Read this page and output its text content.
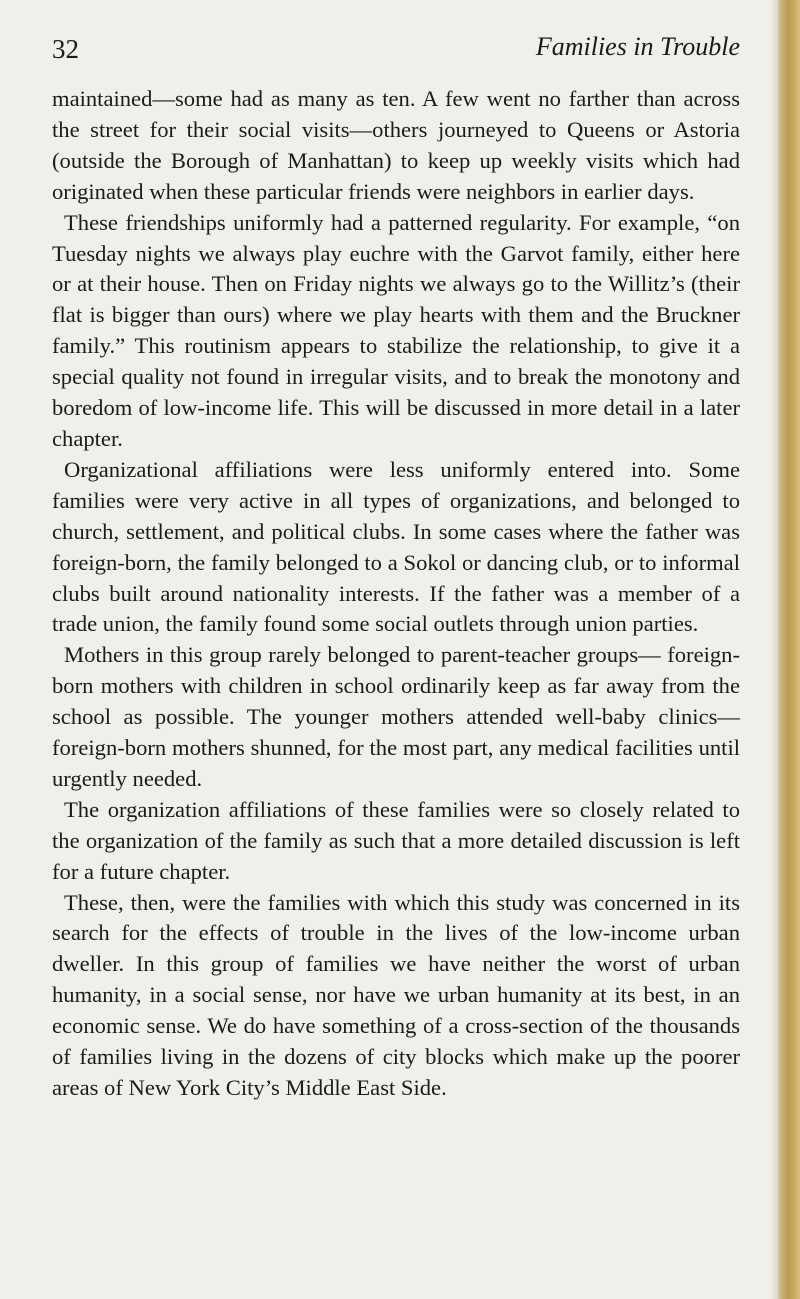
32	Families in Trouble

maintained—some had as many as ten. A few went no farther than across the street for their social visits—others journeyed to Queens or Astoria (outside the Borough of Manhattan) to keep up weekly visits which had originated when these particular friends were neighbors in earlier days.

These friendships uniformly had a patterned regularity. For example, “on Tuesday nights we always play euchre with the Garvot family, either here or at their house. Then on Friday nights we always go to the Willitz’s (their flat is bigger than ours) where we play hearts with them and the Bruckner family.” This routinism appears to stabilize the relationship, to give it a special quality not found in irregular visits, and to break the monotony and boredom of low-income life. This will be discussed in more detail in a later chapter.

Organizational affiliations were less uniformly entered into. Some families were very active in all types of organizations, and belonged to church, settlement, and political clubs. In some cases where the father was foreign-born, the family belonged to a Sokol or dancing club, or to informal clubs built around nationality interests. If the father was a member of a trade union, the family found some social outlets through union parties.

Mothers in this group rarely belonged to parent-teacher groups— foreign-born mothers with children in school ordinarily keep as far away from the school as possible. The younger mothers attended well-baby clinics—foreign-born mothers shunned, for the most part, any medical facilities until urgently needed.

The organization affiliations of these families were so closely related to the organization of the family as such that a more detailed discussion is left for a future chapter.

These, then, were the families with which this study was concerned in its search for the effects of trouble in the lives of the low-income urban dweller. In this group of families we have neither the worst of urban humanity, in a social sense, nor have we urban humanity at its best, in an economic sense. We do have something of a cross-section of the thousands of families living in the dozens of city blocks which make up the poorer areas of New York City’s Middle East Side.
